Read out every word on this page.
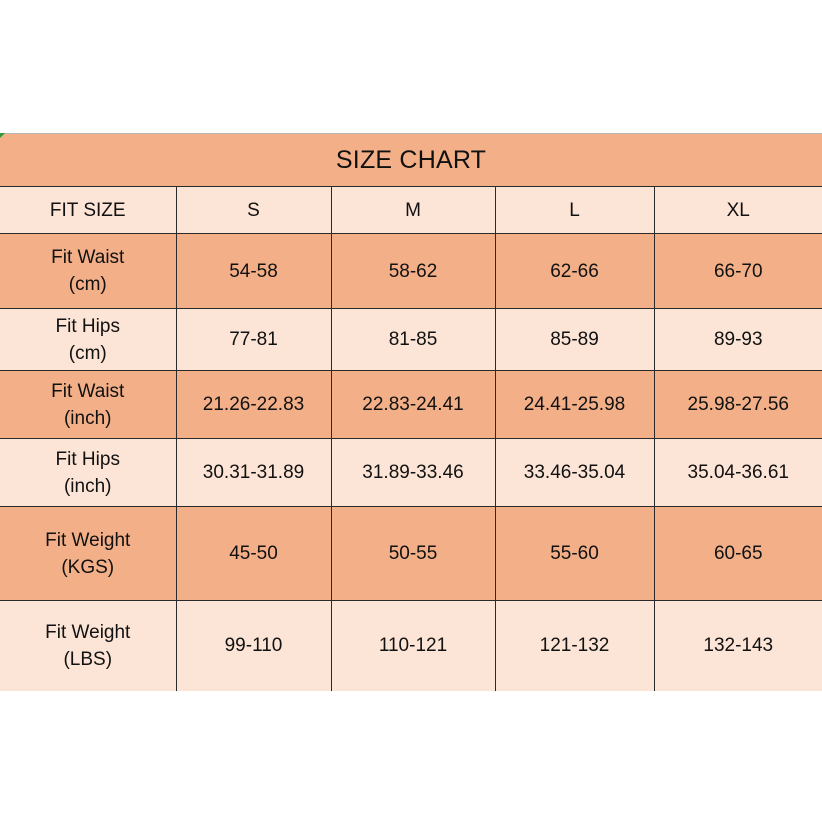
SIZE CHART				
FIT SIZE	S	M	L	XL

Fit Waist
(cm)	54-58	58-62	62-66	66-70

Fit Hips
(cm)	77-81	81-85	85-89	89-93

Fit Waist
(inch)	21.26-22.83	22.83-24.41	24.41-25.98	25.98-27.56

Fit Hips
(inch)	30.31-31.89	31.89-33.46	33.46-35.04	35.04-36.61

Fit Weight
(KGS)	45-50	50-55	55-60	60-65

Fit Weight
(LBS)	99-110	110-121	121-132	132-143
